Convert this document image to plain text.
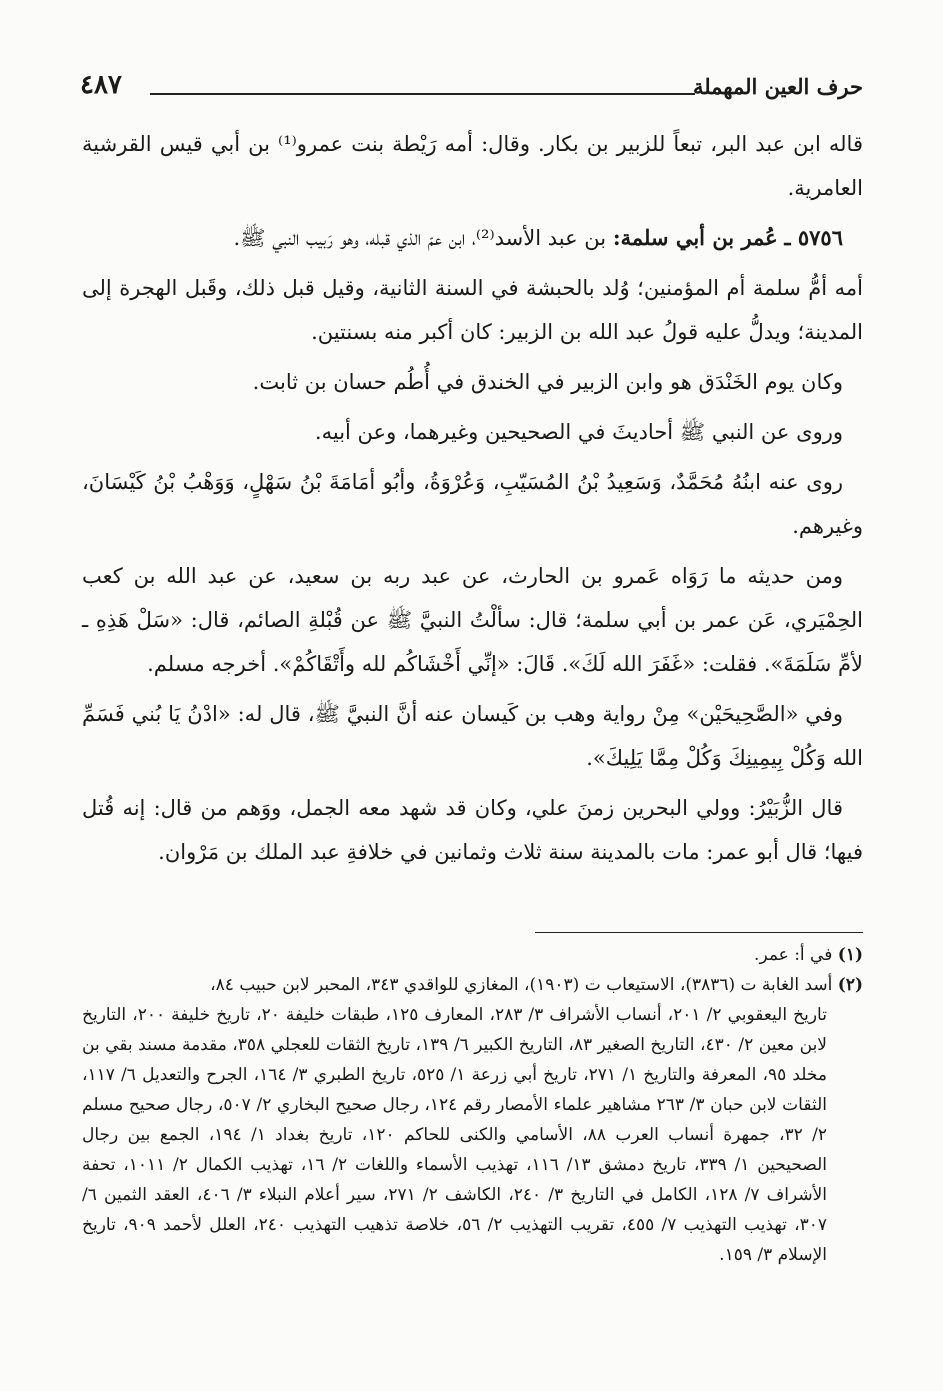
حرف العين المهملة
٤٨٧

قاله ابن عبد البر، تبعاً للزبير بن بكار. وقال: أمه رَيْطة بنت عمرو⁽¹⁾ بن أبي قيس القرشية العامرية.

٥٧٥٦ ـ عُمر بن أبي سلمة: بن عبد الأسد⁽²⁾، ابن عمّ الذي قبله، وهو رَبيب النبي ﷺ.

أمه أمُّ سلمة أم المؤمنين؛ وُلد بالحبشة في السنة الثانية، وقيل قبل ذلك، وقَبل الهجرة إلى المدينة؛ ويدلُّ عليه قولُ عبد الله بن الزبير: كان أكبر منه بسنتين.

وكان يوم الخَنْدَق هو وابن الزبير في الخندق في أُطُم حسان بن ثابت.

وروى عن النبي ﷺ أحاديثَ في الصحيحين وغيرهما، وعن أبيه.

روى عنه ابنُهُ مُحَمَّدٌ، وَسَعِيدُ بْنُ المُسَيّبِ، وَعُرْوَةُ، وأبُو أمَامَةَ بْنُ سَهْلٍ، وَوَهْبُ بْنُ كَيْسَانَ، وغيرهم.

ومن حديثه ما رَوَاه عَمرو بن الحارث، عن عبد ربه بن سعيد، عن عبد الله بن كعب الحِمْيَري، عَن عمر بن أبي سلمة؛ قال: سألْتُ النبيَّ ﷺ عن قُبْلةِ الصائم، قال: «سَلْ هَذِهِ ـ لأمِّ سَلَمَةَ». فقلت: «غَفَرَ الله لَكَ». قَالَ: «إنِّي أَخْشَاكُم لله وأَتْقَاكُمْ». أخرجه مسلم.

وفي «الصَّحِيحَيْن» مِنْ رواية وهب بن كَيسان عنه أنَّ النبيَّ ﷺ، قال له: «ادْنُ يَا بُني فَسَمِّ الله وَكُلْ بِيمِينِكَ وَكُلْ مِمَّا يَلِيكَ».

قال الزُّبَيْرُ: وولي البحرين زمنَ علي، وكان قد شهد معه الجمل، ووَهم من قال: إنه قُتل فيها؛ قال أبو عمر: مات بالمدينة سنة ثلاث وثمانين في خلافةِ عبد الملك بن مَرْوان.

(١) في أ: عمر.

(٢) أسد الغابة ت (٣٨٣٦)، الاستيعاب ت (١٩٠٣)، المغازي للواقدي ٣٤٣، المحبر لابن حبيب ٨٤،

تاريخ اليعقوبي ٢/ ٢٠١، أنساب الأشراف ٣/ ٢٨٣، المعارف ١٢٥، طبقات خليفة ٢٠، تاريخ خليفة ٢٠٠، التاريخ لابن معين ٢/ ٤٣٠، التاريخ الصغير ٨٣، التاريخ الكبير ٦/ ١٣٩، تاريخ الثقات للعجلي ٣٥٨، مقدمة مسند بقي بن مخلد ٩٥، المعرفة والتاريخ ١/ ٢٧١، تاريخ أبي زرعة ١/ ٥٢٥، تاريخ الطبري ٣/ ١٦٤، الجرح والتعديل ٦/ ١١٧، الثقات لابن حبان ٣/ ٢٦٣ مشاهير علماء الأمصار رقم ١٢٤، رجال صحيح البخاري ٢/ ٥٠٧، رجال صحيح مسلم ٢/ ٣٢، جمهرة أنساب العرب ٨٨، الأسامي والكنى للحاكم ١٢٠، تاريخ بغداد ١/ ١٩٤، الجمع بين رجال الصحيحين ١/ ٣٣٩، تاريخ دمشق ١٣/ ١١٦، تهذيب الأسماء واللغات ٢/ ١٦، تهذيب الكمال ٢/ ١٠١١، تحفة الأشراف ٧/ ١٢٨، الكامل في التاريخ ٣/ ٢٤٠، الكاشف ٢/ ٢٧١، سير أعلام النبلاء ٣/ ٤٠٦، العقد الثمين ٦/ ٣٠٧، تهذيب التهذيب ٧/ ٤٥٥، تقريب التهذيب ٢/ ٥٦، خلاصة تذهيب التهذيب ٢٤٠، العلل لأحمد ٩٠٩، تاريخ الإسلام ٣/ ١٥٩.
